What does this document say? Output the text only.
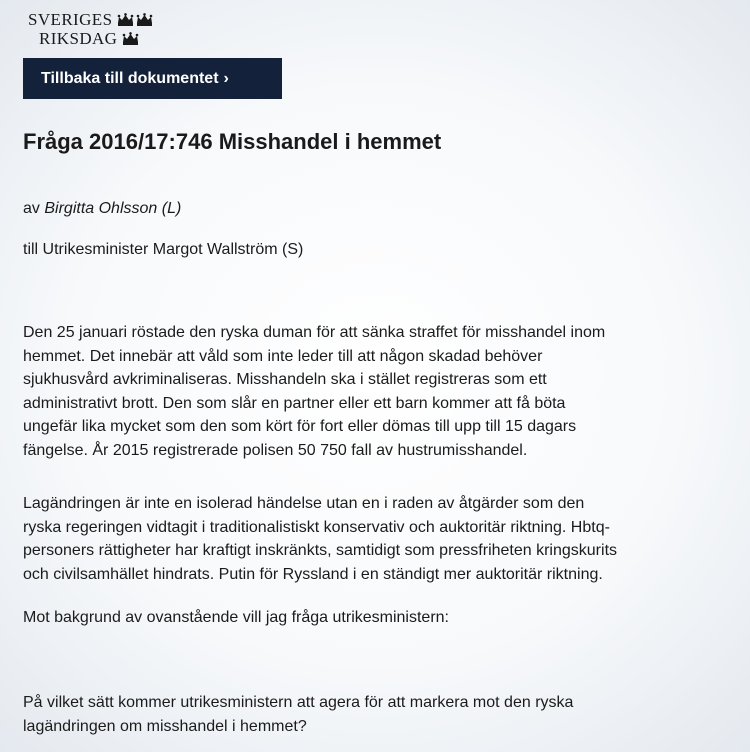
SVERIGES
RIKSDAG
Tillbaka till dokumentet ›
Fråga 2016/17:746 Misshandel i hemmet

av Birgitta Ohlsson (L)

till Utrikesminister Margot Wallström (S)

Den 25 januari röstade den ryska duman för att sänka straffet för misshandel inom
hemmet. Det innebär att våld som inte leder till att någon skadad behöver
sjukhusvård avkriminaliseras. Misshandeln ska i stället registreras som ett
administrativt brott. Den som slår en partner eller ett barn kommer att få böta
ungefär lika mycket som den som kört för fort eller dömas till upp till 15 dagars
fängelse. År 2015 registrerade polisen 50 750 fall av hustrumisshandel.
Lagändringen är inte en isolerad händelse utan en i raden av åtgärder som den
ryska regeringen vidtagit i traditionalistiskt konservativ och auktoritär riktning. Hbtq-
personers rättigheter har kraftigt inskränkts, samtidigt som pressfriheten kringskurits
och civilsamhället hindrats. Putin för Ryssland i en ständigt mer auktoritär riktning.
Mot bakgrund av ovanstående vill jag fråga utrikesministern:
På vilket sätt kommer utrikesministern att agera för att markera mot den ryska
lagändringen om misshandel i hemmet?
